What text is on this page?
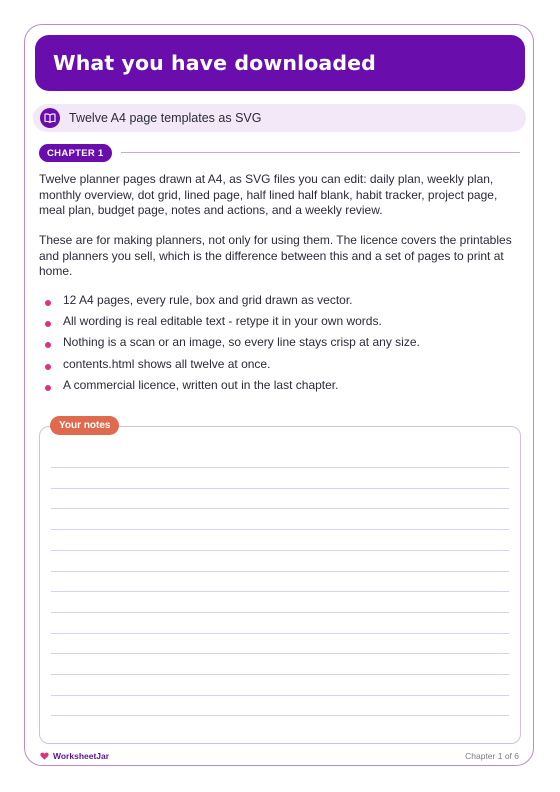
What you have downloaded
Twelve A4 page templates as SVG
CHAPTER 1

Twelve planner pages drawn at A4, as SVG files you can edit: daily plan, weekly plan, monthly overview, dot grid, lined page, half lined half blank, habit tracker, project page, meal plan, budget page, notes and actions, and a weekly review.

These are for making planners, not only for using them. The licence covers the printables and planners you sell, which is the difference between this and a set of pages to print at home.

12 A4 pages, every rule, box and grid drawn as vector.
All wording is real editable text - retype it in your own words.
Nothing is a scan or an image, so every line stays crisp at any size.
contents.html shows all twelve at once.
A commercial licence, written out in the last chapter.
Your notes
WorksheetJar	Chapter 1 of 6
